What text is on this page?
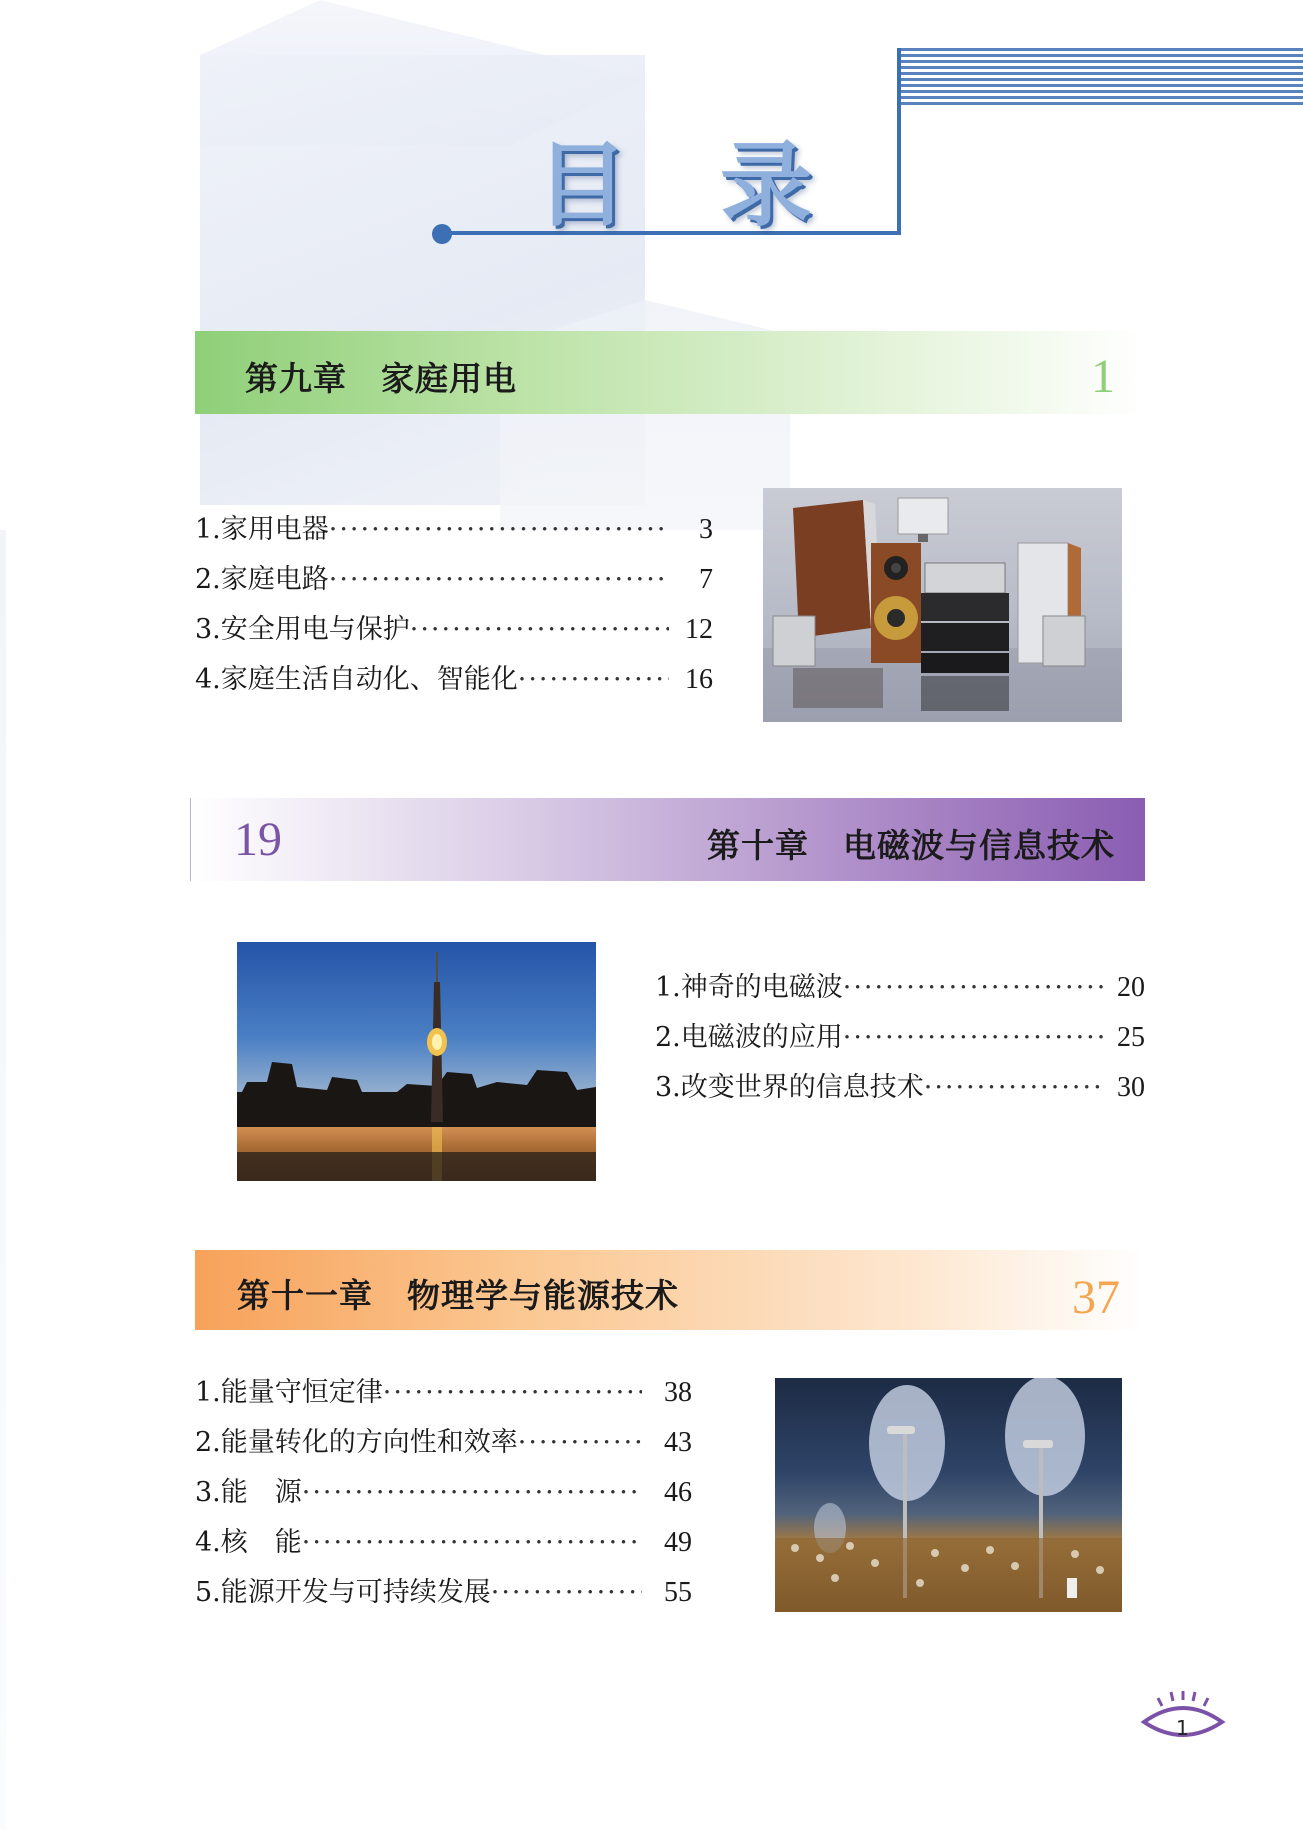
目录
第九章 家庭用电	1
1.家用电器 ·····	3
2.家庭电路 ·····	7
3.安全用电与保护 ·····	12
4.家庭生活自动化、智能化 ·····	16
19	第十章 电磁波与信息技术
1.神奇的电磁波 ·····	20
2.电磁波的应用 ·····	25
3.改变世界的信息技术 ·····	30
第十一章 物理学与能源技术	37
1.能量守恒定律 ·····	38
2.能量转化的方向性和效率 ·····	43
3.能　源 ·····	46
4.核　能 ·····	49
5.能源开发与可持续发展 ·····	55
1
